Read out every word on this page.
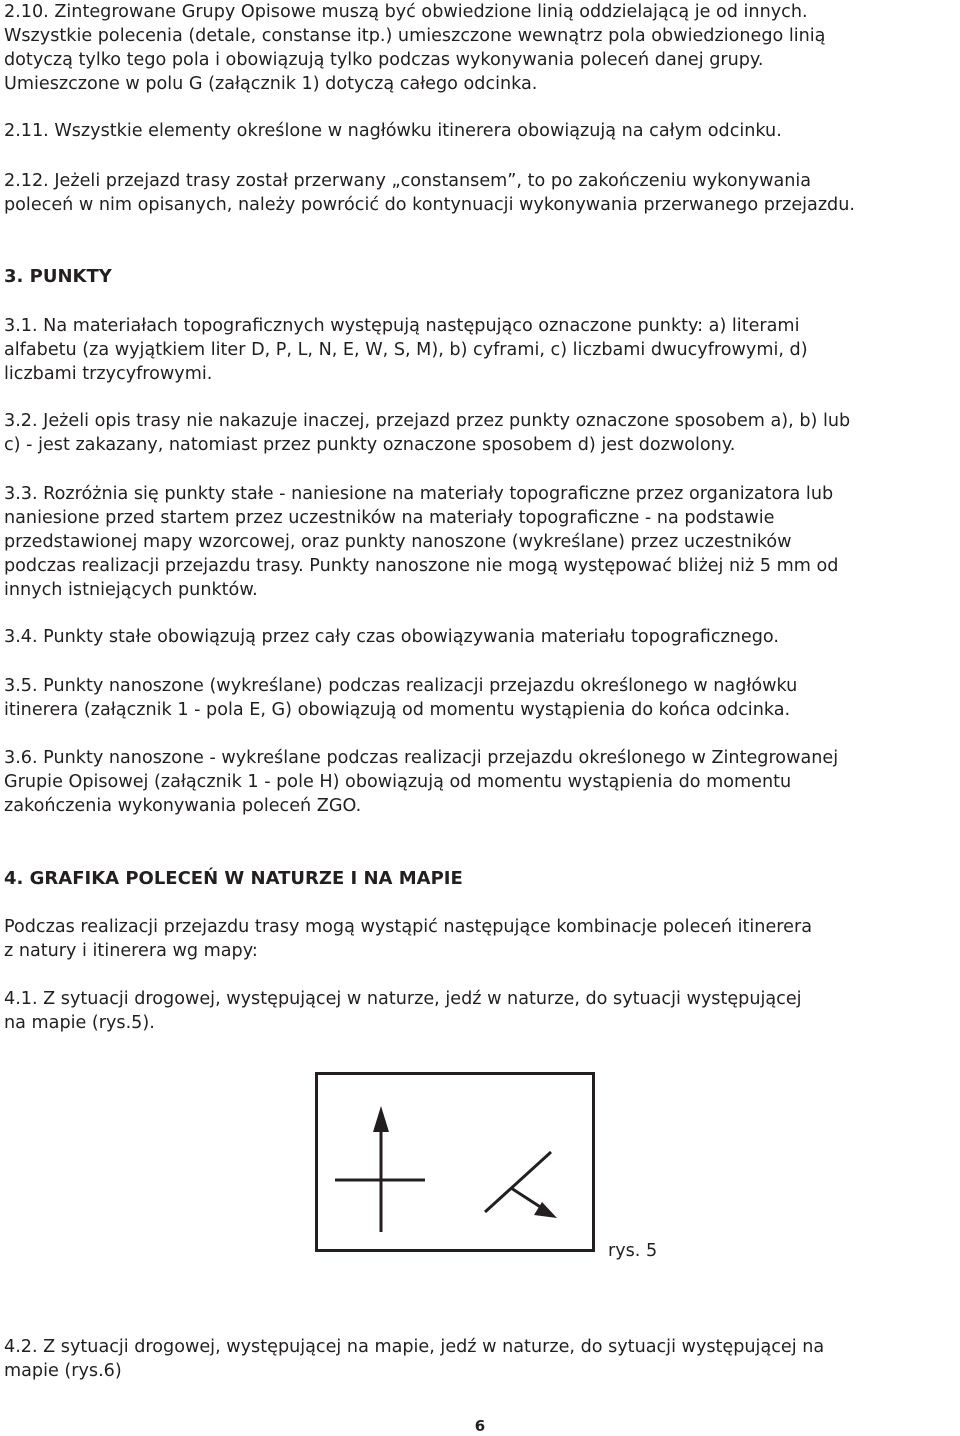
2.10. Zintegrowane Grupy Opisowe muszą być obwiedzione linią oddzielającą je od innych.
Wszystkie polecenia (detale, constanse itp.) umieszczone wewnątrz pola obwiedzionego linią
dotyczą tylko tego pola i obowiązują tylko podczas wykonywania poleceń danej grupy.
Umieszczone w polu G (załącznik 1) dotyczą całego odcinka.

2.11. Wszystkie elementy określone w nagłówku itinerera obowiązują na całym odcinku.

2.12. Jeżeli przejazd trasy został przerwany „constansem”, to po zakończeniu wykonywania
poleceń w nim opisanych, należy powrócić do kontynuacji wykonywania przerwanego przejazdu.

3. PUNKTY

3.1. Na materiałach topograficznych występują następująco oznaczone punkty: a) literami
alfabetu (za wyjątkiem liter D, P, L, N, E, W, S, M), b) cyframi, c) liczbami dwucyfrowymi, d)
liczbami trzycyfrowymi.

3.2. Jeżeli opis trasy nie nakazuje inaczej, przejazd przez punkty oznaczone sposobem a), b) lub
c) - jest zakazany, natomiast przez punkty oznaczone sposobem d) jest dozwolony.

3.3. Rozróżnia się punkty stałe - naniesione na materiały topograficzne przez organizatora lub
naniesione przed startem przez uczestników na materiały topograficzne - na podstawie
przedstawionej mapy wzorcowej, oraz punkty nanoszone (wykreślane) przez uczestników
podczas realizacji przejazdu trasy. Punkty nanoszone nie mogą występować bliżej niż 5 mm od
innych istniejących punktów.

3.4. Punkty stałe obowiązują przez cały czas obowiązywania materiału topograficznego.

3.5. Punkty nanoszone (wykreślane) podczas realizacji przejazdu określonego w nagłówku
itinerera (załącznik 1 - pola E, G) obowiązują od momentu wystąpienia do końca odcinka.

3.6. Punkty nanoszone - wykreślane podczas realizacji przejazdu określonego w Zintegrowanej
Grupie Opisowej (załącznik 1 - pole H) obowiązują od momentu wystąpienia do momentu
zakończenia wykonywania poleceń ZGO.

4. GRAFIKA POLECEŃ W NATURZE I NA MAPIE

Podczas realizacji przejazdu trasy mogą wystąpić następujące kombinacje poleceń itinerera
z natury i itinerera wg mapy:

4.1. Z sytuacji drogowej, występującej w naturze, jedź w naturze, do sytuacji występującej
na mapie (rys.5).

4.2. Z sytuacji drogowej, występującej na mapie, jedź w naturze, do sytuacji występującej na
mapie (rys.6)

rys. 5
6
